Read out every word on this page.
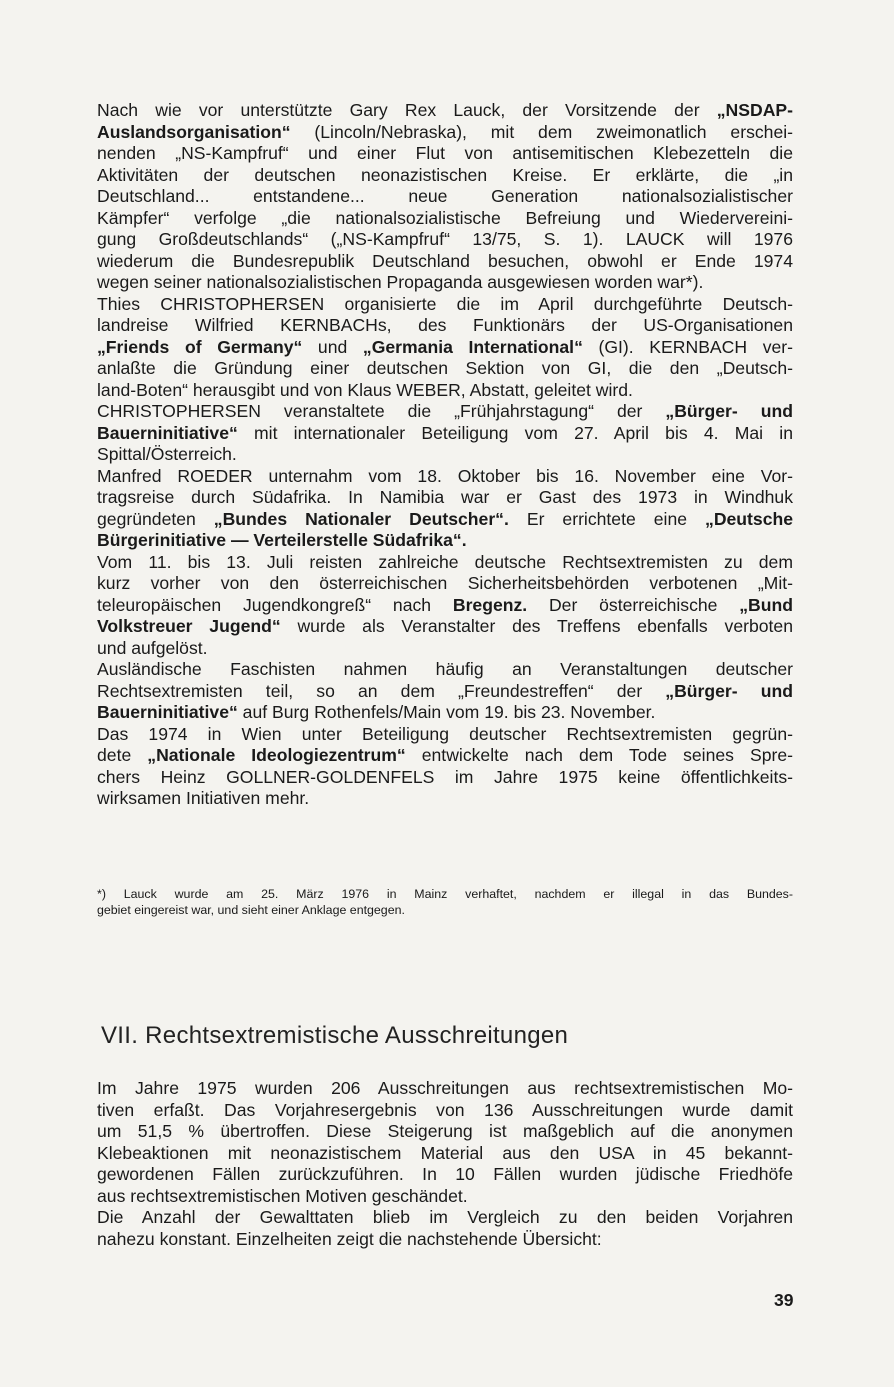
Nach wie vor unterstützte Gary Rex Lauck, der Vorsitzende der „NSDAP-
Auslandsorganisation“ (Lincoln/Nebraska), mit dem zweimonatlich erschei-
nenden „NS-Kampfruf“ und einer Flut von antisemitischen Klebezetteln die
Aktivitäten der deutschen neonazistischen Kreise. Er erklärte, die „in
Deutschland... entstandene... neue Generation nationalsozialistischer
Kämpfer“ verfolge „die nationalsozialistische Befreiung und Wiedervereini-
gung Großdeutschlands“ („NS-Kampfruf“ 13/75, S. 1). LAUCK will 1976
wiederum die Bundesrepublik Deutschland besuchen, obwohl er Ende 1974
wegen seiner nationalsozialistischen Propaganda ausgewiesen worden war*).
Thies CHRISTOPHERSEN organisierte die im April durchgeführte Deutsch-
landreise Wilfried KERNBACHs, des Funktionärs der US-Organisationen
„Friends of Germany“ und „Germania International“ (GI). KERNBACH ver-
anlaßte die Gründung einer deutschen Sektion von GI, die den „Deutsch-
land-Boten“ herausgibt und von Klaus WEBER, Abstatt, geleitet wird.
CHRISTOPHERSEN veranstaltete die „Frühjahrstagung“ der „Bürger- und
Bauerninitiative“ mit internationaler Beteiligung vom 27. April bis 4. Mai in
Spittal/Österreich.
Manfred ROEDER unternahm vom 18. Oktober bis 16. November eine Vor-
tragsreise durch Südafrika. In Namibia war er Gast des 1973 in Windhuk
gegründeten „Bundes Nationaler Deutscher“. Er errichtete eine „Deutsche
Bürgerinitiative — Verteilerstelle Südafrika“.
Vom 11. bis 13. Juli reisten zahlreiche deutsche Rechtsextremisten zu dem
kurz vorher von den österreichischen Sicherheitsbehörden verbotenen „Mit-
teleuropäischen Jugendkongreß“ nach Bregenz. Der österreichische „Bund
Volkstreuer Jugend“ wurde als Veranstalter des Treffens ebenfalls verboten
und aufgelöst.
Ausländische Faschisten nahmen häufig an Veranstaltungen deutscher
Rechtsextremisten teil, so an dem „Freundestreffen“ der „Bürger- und
Bauerninitiative“ auf Burg Rothenfels/Main vom 19. bis 23. November.
Das 1974 in Wien unter Beteiligung deutscher Rechtsextremisten gegrün-
dete „Nationale Ideologiezentrum“ entwickelte nach dem Tode seines Spre-
chers Heinz GOLLNER-GOLDENFELS im Jahre 1975 keine öffentlichkeits-
wirksamen Initiativen mehr.
*) Lauck wurde am 25. März 1976 in Mainz verhaftet, nachdem er illegal in das Bundes-
gebiet eingereist war, und sieht einer Anklage entgegen.
VII. Rechtsextremistische Ausschreitungen
Im Jahre 1975 wurden 206 Ausschreitungen aus rechtsextremistischen Mo-
tiven erfaßt. Das Vorjahresergebnis von 136 Ausschreitungen wurde damit
um 51,5 % übertroffen. Diese Steigerung ist maßgeblich auf die anonymen
Klebeaktionen mit neonazistischem Material aus den USA in 45 bekannt-
gewordenen Fällen zurückzuführen. In 10 Fällen wurden jüdische Friedhöfe
aus rechtsextremistischen Motiven geschändet.
Die Anzahl der Gewalttaten blieb im Vergleich zu den beiden Vorjahren
nahezu konstant. Einzelheiten zeigt die nachstehende Übersicht:
39
